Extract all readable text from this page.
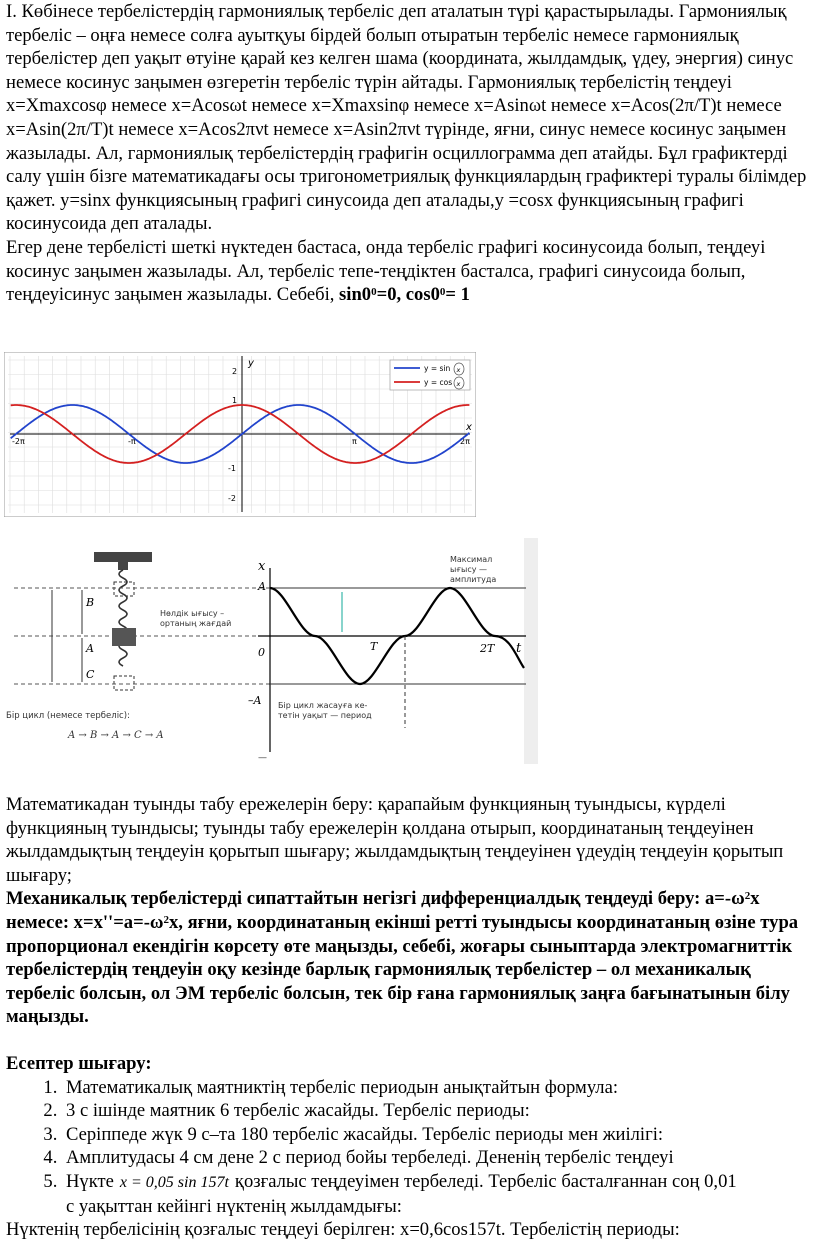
І. Көбінесе тербелістердің гармониялық тербеліс деп аталатын түрі қарастырылады. Гармониялық тербеліс – оңға немесе солға ауытқуы бірдей болып отыратын тербеліс немесе гармониялық тербелістер деп уақыт өтуіне қарай кез келген шама (координата, жылдамдық, үдеу, энергия) синус немесе косинус заңымен өзгеретін тербеліс түрін айтады. Гармониялық тербелістің теңдеуі x=Xmaxcosφ немесе x=Acosωt немесе x=Xmaxsinφ немесе x=Asinωt немесе x=Acos(2π/T)t немесе x=Asin(2π/T)t немесе x=Acos2πνt немесе x=Asin2πνt түрінде, яғни, синус немесе косинус заңымен жазылады. Ал, гармониялық тербелістердің графигін осциллограмма деп атайды. Бұл графиктерді салу үшін бізге математикадағы осы тригонометриялық функциялардың графиктері туралы білімдер қажет. y=sinx функциясының графигі синусоида деп аталады,y =cosx функциясының графигі косинусоида деп аталады.

Егер дене тербелісті шеткі нүктеден бастаса, онда тербеліс графигі косинусоида болып, теңдеуі косинус заңымен жазылады. Ал, тербеліс тепе-теңдіктен басталса, графигі синусоида болып, теңдеуісинус заңымен жазылады. Себебі, $\sin 0^0=0$, $\cos 0^0= 1$

y
x
2
1
-1
-2
-2π	-π	π	2π
y = sin
y = cos
x
x
B
A
C
Нөлдік ығысу – ортаның жағдай
x
A
0
–A
T	2T t
Максимал ығысу — амплитуда
Бір цикл жасауға ке-тетін уақыт — период
Бір цикл (немесе тербеліс):
A → B → A → C → A
—

Математикадан туынды табу ережелерін беру: қарапайым функцияның туындысы, күрделі функцияның туындысы; туынды табу ережелерін қолдана отырып, координатаның теңдеуінен жылдамдықтың теңдеуін қорытып шығару; жылдамдықтың теңдеуінен үдеудің теңдеуін қорытып шығару;

Механикалық тербелістерді сипаттайтын негізгі дифференциалдық теңдеуді беру: $a=-\omega^2x$ немесе: $x=x''=a=-\omega^2x$, яғни, координатаның екінші ретті туындысы координатаның өзіне тура пропорционал екендігін көрсету өте маңызды, себебі, жоғары сыныптарда электромагниттік тербелістердің теңдеуін оқу кезінде барлық гармониялық тербелістер – ол механикалық тербеліс болсын, ол ЭМ тербеліс болсын, тек бір ғана гармониялық заңға бағынатынын білу маңызды.

Есептер шығару:

1. Математикалық маятниктің тербеліс периодын анықтайтын формула:
2. 3 с ішінде маятник 6 тербеліс жасайды. Тербеліс периоды:
3. Серіппеде жүк 9 с–та 180 тербеліс жасайды. Тербеліс периоды мен жиілігі:
4. Амплитудасы 4 см дене 2 с период бойы тербеледі. Дененің тербеліс теңдеуі
5. Нүкте x = 0,05 sin 157t қозғалыс теңдеуімен тербеледі. Тербеліс басталғаннан соң 0,01
с уақыттан кейінгі нүктенің жылдамдығы:

Нүктенің тербелісінің қозғалыс теңдеуі берілген: x=0,6cos157t. Тербелістің периоды:
